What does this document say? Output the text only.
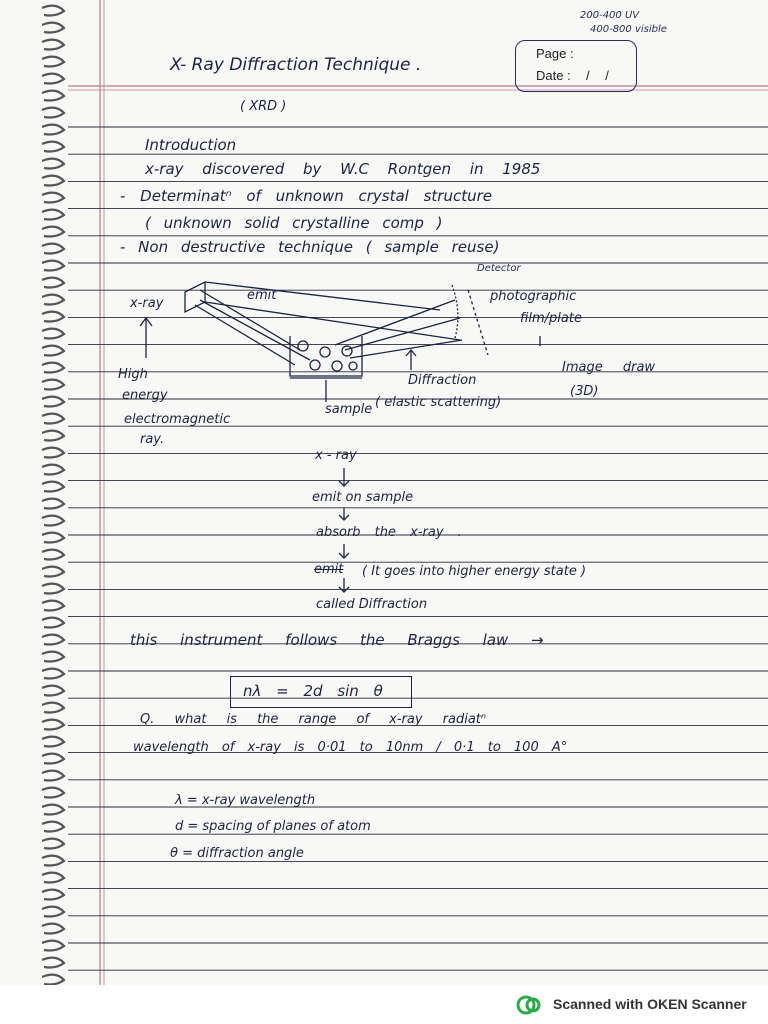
X- Ray Diffraction Technique .
( XRD )
200-400 UV
400-800 visible
Page :
Date : / /
Introduction
x-ray discovered by W.C Rontgen in 1985
- Determinatⁿ of unknown crystal structure
( unknown solid crystalline comp )
- Non destructive technique ( sample reuse)
Detector
x-ray
emit	photographic
film/plate
Image draw
(3D)
High
energy
electromagnetic
ray.
sample
Diffraction
( elastic scattering)
x - ray
emit on sample
absorb the x-ray .
emit ( It goes into higher energy state )
called Diffraction
this instrument follows the Braggs law →
nλ = 2d sin θ
Q. what is the range of x-ray radiatⁿ
wavelength of x-ray is 0·01 to 10nm / 0·1 to 100 A°
λ = x-ray wavelength
d = spacing of planes of atom
θ = diffraction angle
Scanned with OKEN Scanner
